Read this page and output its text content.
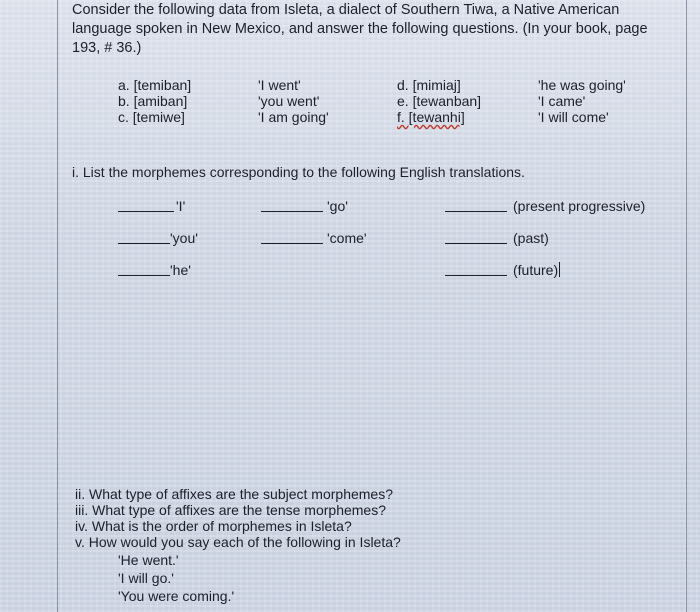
Consider the following data from Isleta, a dialect of Southern Tiwa, a Native American language spoken in New Mexico, and answer the following questions. (In your book, page 193, # 36.)
a. [temiban]
b. [amiban]
c. [temiwe]
'I went'
'you went'
'I am going'
d. [mimiaj]
e. [tewanban]
f. [tewanhi]
'he was going'
'I came'
'I will come'
i. List the morphemes corresponding to the following English translations.
'I'
'you'
'he'
'go'
'come'
(present progressive)
(past)
(future)
ii. What type of affixes are the subject morphemes?
iii. What type of affixes are the tense morphemes?
iv. What is the order of morphemes in Isleta?
v. How would you say each of the following in Isleta?
'He went.'
'I will go.'
'You were coming.'
